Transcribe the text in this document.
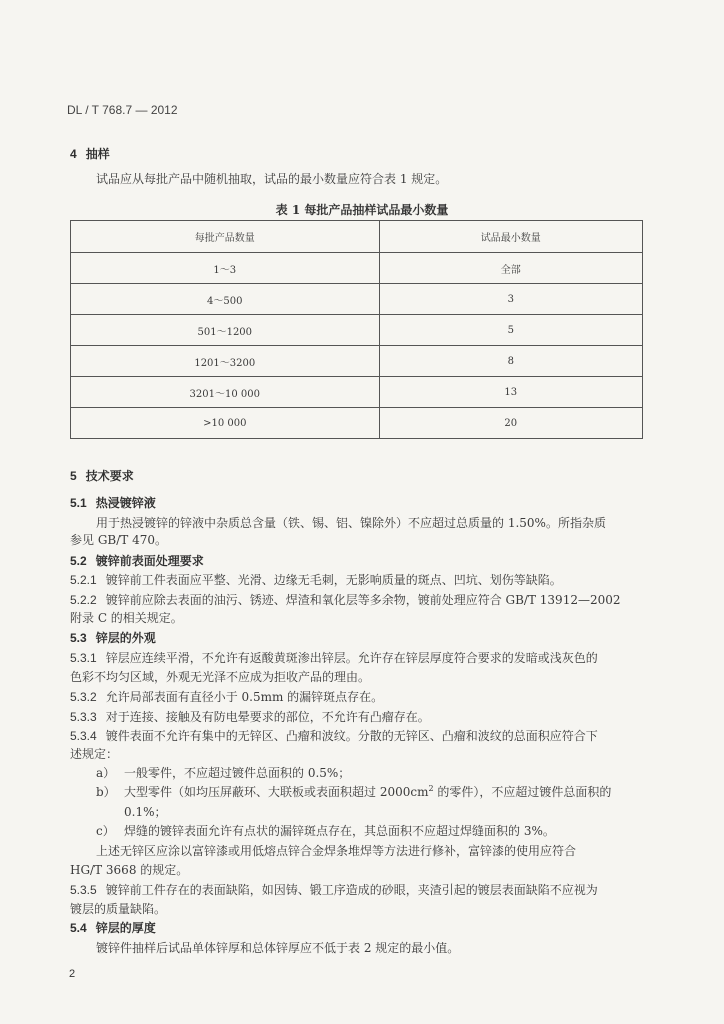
DL / T 768.7 — 2012
4 抽样
试品应从每批产品中随机抽取，试品的最小数量应符合表 1 规定。
表 1 每批产品抽样试品最小数量
每批产品数量	试品最小数量
1～3	全部
4～500	3
501～1200	5
1201～3200	8
3201～10 000	13
>10 000	20
5 技术要求
5.1 热浸镀锌液
用于热浸镀锌的锌液中杂质总含量（铁、锡、铝、镍除外）不应超过总质量的 1.50%。所指杂质
参见 GB/T 470。
5.2 镀锌前表面处理要求
5.2.1 镀锌前工件表面应平整、光滑、边缘无毛刺，无影响质量的斑点、凹坑、划伤等缺陷。
5.2.2 镀锌前应除去表面的油污、锈迹、焊渣和氧化层等多余物，镀前处理应符合 GB/T 13912—2002
附录 C 的相关规定。
5.3 锌层的外观
5.3.1 锌层应连续平滑，不允许有返酸黄斑渗出锌层。允许存在锌层厚度符合要求的发暗或浅灰色的
色彩不均匀区域，外观无光泽不应成为拒收产品的理由。
5.3.2 允许局部表面有直径小于 0.5mm 的漏锌斑点存在。
5.3.3 对于连接、接触及有防电晕要求的部位，不允许有凸瘤存在。
5.3.4 镀件表面不允许有集中的无锌区、凸瘤和波纹。分散的无锌区、凸瘤和波纹的总面积应符合下
述规定：
a） 一般零件，不应超过镀件总面积的 0.5%；
b） 大型零件（如均压屏蔽环、大联板或表面积超过 $2000cm^2$ 的零件），不应超过镀件总面积的
0.1%；
c） 焊缝的镀锌表面允许有点状的漏锌斑点存在，其总面积不应超过焊缝面积的 3%。
上述无锌区应涂以富锌漆或用低熔点锌合金焊条堆焊等方法进行修补，富锌漆的使用应符合
HG/T 3668 的规定。
5.3.5 镀锌前工件存在的表面缺陷，如因铸、锻工序造成的砂眼，夹渣引起的镀层表面缺陷不应视为
镀层的质量缺陷。
5.4 锌层的厚度
镀锌件抽样后试品单体锌厚和总体锌厚应不低于表 2 规定的最小值。
2
